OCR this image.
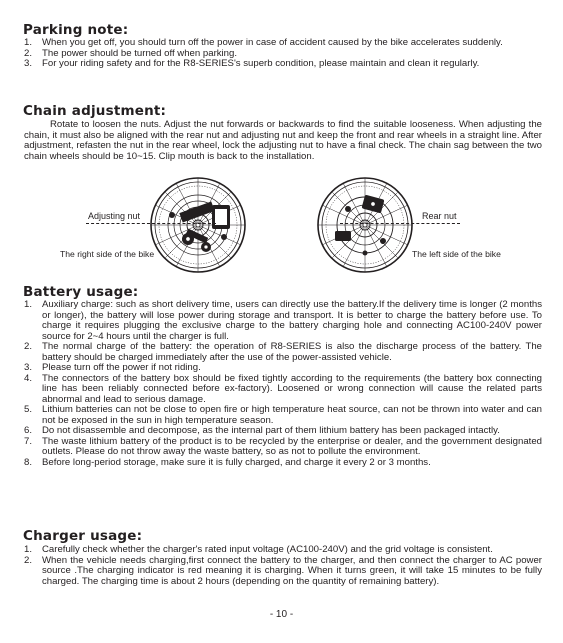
Parking note:
1. When you get off, you should turn off the power in case of accident caused by the bike accelerates suddenly.
2. The power should be turned off when parking.
3. For your riding safety and for the R8-SERIES's superb condition, please maintain and clean it regularly.
Chain adjustment:

Rotate to loosen the nuts. Adjust the nut forwards or backwards to find the suitable looseness. When adjusting the chain, it must also be aligned with the rear nut and adjusting nut and keep the front and rear wheels in a straight line. After adjustment, refasten the nut in the rear wheel, lock the adjusting nut to have a final check. The chain sag between the two chain wheels should be 10~15. Clip mouth is back to the installation.

Adjusting nut
The right side of the bike
Rear nut
The left side of the bike
Battery usage:
1. Auxiliary charge: such as short delivery time, users can directly use the battery.If the delivery time is longer (2 months or longer), the battery will lose power during storage and transport. It is better to charge the battery before use. To charge it requires plugging the exclusive charge to the battery charging hole and connecting AC100-240V power source for 2~4 hours until the charger is full.
2. The normal charge of the battery: the operation of R8-SERIES is also the discharge process of the battery. The battery should be charged immediately after the use of the power-assisted vehicle.
3. Please turn off the power if not riding.
4. The connectors of the battery box should be fixed tightly according to the requirements (the battery box connecting line has been reliably connected before ex-factory). Loosened or wrong connection will cause the related parts abnormal and lead to serious damage.
5. Lithium batteries can not be close to open fire or high temperature heat source, can not be thrown into water and can not be exposed in the sun in high temperature season.
6. Do not disassemble and decompose, as the internal part of them lithium battery has been packaged intactly.
7. The waste lithium battery of the product is to be recycled by the enterprise or dealer, and the government designated outlets. Please do not throw away the waste battery, so as not to pollute the environment.
8. Before long-period storage, make sure it is fully charged, and charge it every 2 or 3 months.
Charger usage:
1. Carefully check whether the charger's rated input voltage (AC100-240V) and the grid voltage is consistent.
2. When the vehicle needs charging,first connect the battery to the charger, and then connect the charger to AC power source .The charging indicator is red meaning it is charging. When it turns green, it will take 15 minutes to be fully charged. The charging time is about 2 hours (depending on the quantity of remaining battery).
- 10 -
